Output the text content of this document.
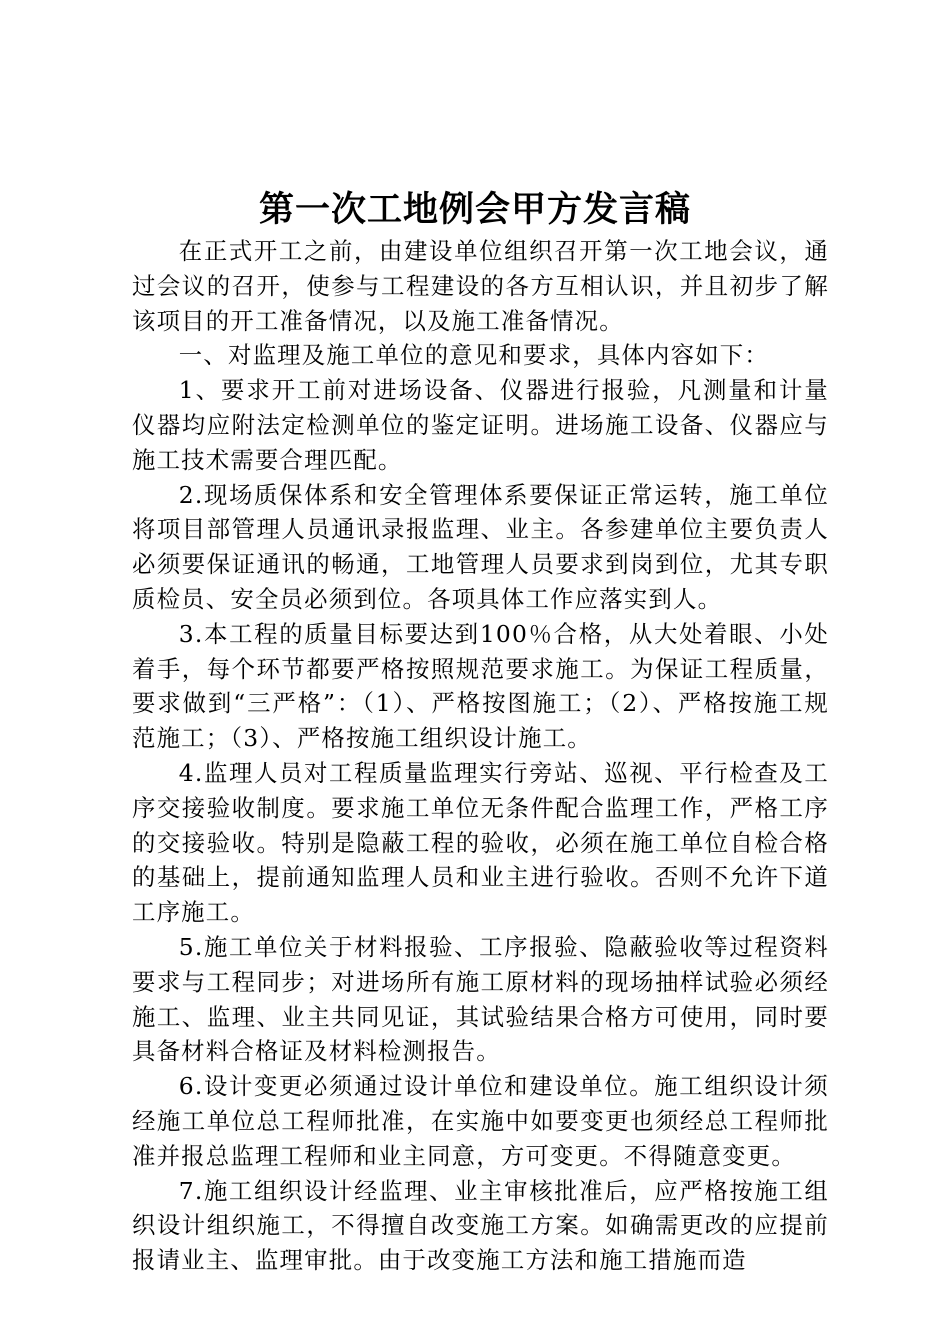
第一次工地例会甲方发言稿

在正式开工之前，由建设单位组织召开第一次工地会议，通过会议的召开，使参与工程建设的各方互相认识，并且初步了解该项目的开工准备情况，以及施工准备情况。

一、对监理及施工单位的意见和要求，具体内容如下：

1、要求开工前对进场设备、仪器进行报验，凡测量和计量仪器均应附法定检测单位的鉴定证明。进场施工设备、仪器应与施工技术需要合理匹配。

2.现场质保体系和安全管理体系要保证正常运转，施工单位将项目部管理人员通讯录报监理、业主。各参建单位主要负责人必须要保证通讯的畅通，工地管理人员要求到岗到位，尤其专职质检员、安全员必须到位。各项具体工作应落实到人。

3.本工程的质量目标要达到100％合格，从大处着眼、小处着手，每个环节都要严格按照规范要求施工。为保证工程质量，要求做到“三严格”：（1）、严格按图施工；（2）、严格按施工规范施工；（3）、严格按施工组织设计施工。

4.监理人员对工程质量监理实行旁站、巡视、平行检查及工序交接验收制度。要求施工单位无条件配合监理工作，严格工序的交接验收。特别是隐蔽工程的验收，必须在施工单位自检合格的基础上，提前通知监理人员和业主进行验收。否则不允许下道工序施工。

5.施工单位关于材料报验、工序报验、隐蔽验收等过程资料要求与工程同步；对进场所有施工原材料的现场抽样试验必须经施工、监理、业主共同见证，其试验结果合格方可使用，同时要具备材料合格证及材料检测报告。

6.设计变更必须通过设计单位和建设单位。施工组织设计须经施工单位总工程师批准，在实施中如要变更也须经总工程师批准并报总监理工程师和业主同意，方可变更。不得随意变更。

7.施工组织设计经监理、业主审核批准后，应严格按施工组织设计组织施工，不得擅自改变施工方案。如确需更改的应提前报请业主、监理审批。由于改变施工方法和施工措施而造
